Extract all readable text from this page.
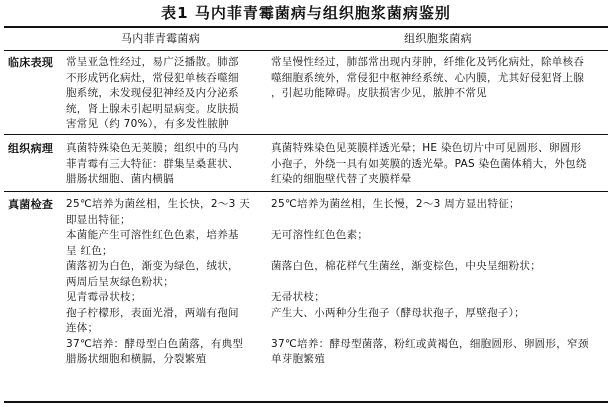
表1 马内菲青霉菌病与组织胞浆菌病鉴别
马内菲青霉菌病	组织胞浆菌病
临床表现 常呈亚急性经过，易广泛播散。肺部
不形成钙化病灶，常侵犯单核吞噬细
胞系统，未发现侵犯神经及内分泌系
统，肾上腺未引起明显病变。皮肤损
害常见（约 70%），有多发性脓肿
常呈慢性经过，肺部常出现内芽肿，纤维化及钙化病灶，除单核吞
噬细胞系统外，常侵犯中枢神经系统、心内膜，尤其好侵犯肾上腺
，引起功能障碍。皮肤损害少见，脓肿不常见
组织病理 真菌特殊染色无荚膜；组织中的马内
菲青霉有三大特征：群集呈桑葚状、
腊肠状细胞、菌内横膈
真菌特殊染色见荚膜样透光晕；HE 染色切片中可见圆形、卵圆形
小孢子，外绕一具有如荚膜的透光晕。PAS 染色菌体稍大，外包绕
红染的细胞壁代替了夹膜样晕
真菌检查 25℃培养为菌丝相，生长快，2～3 天
即显出特征；
本菌能产生可溶性红色色素，培养基
呈 红色；
菌落初为白色，渐变为绿色，绒状，
两周后呈灰绿色粉状；
见青霉帚状枝；
孢子柠檬形，表面光滑，两端有孢间
连体；
37℃培养：酵母型白色菌落，有典型
腊肠状细胞和横膈，分裂繁殖
25℃培养为菌丝相，生长慢，2～3 周方显出特征；
无可溶性红色色素；
菌落白色，棉花样气生菌丝，渐变棕色，中央呈细粉状；
无帚状枝；
产生大、小两种分生孢子（酵母状孢子，厚壁孢子）；
37℃培养：酵母型菌落，粉红或黄褐色，细胞圆形、卵圆形，窄颈
单芽胞繁殖
